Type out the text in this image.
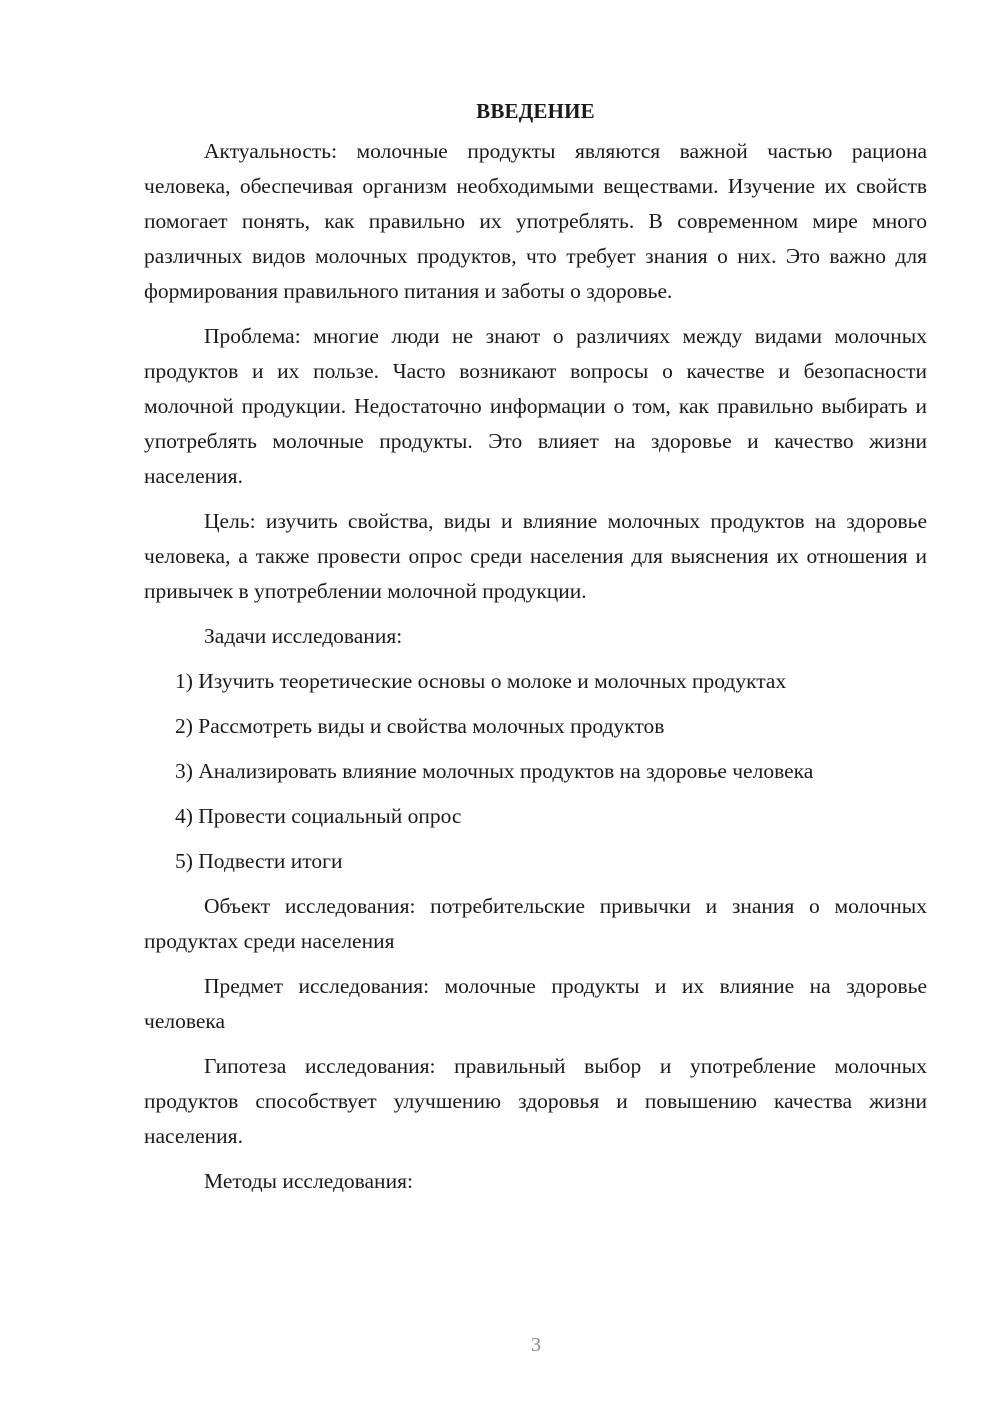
ВВЕДЕНИЕ

Актуальность: молочные продукты являются важной частью рациона человека, обеспечивая организм необходимыми веществами. Изучение их свойств помогает понять, как правильно их употреблять. В современном мире много различных видов молочных продуктов, что требует знания о них. Это важно для формирования правильного питания и заботы о здоровье.

Проблема: многие люди не знают о различиях между видами молочных продуктов и их пользе. Часто возникают вопросы о качестве и безопасности молочной продукции. Недостаточно информации о том, как правильно выбирать и употреблять молочные продукты. Это влияет на здоровье и качество жизни населения.

Цель: изучить свойства, виды и влияние молочных продуктов на здоровье человека, а также провести опрос среди населения для выяснения их отношения и привычек в употреблении молочной продукции.

Задачи исследования:

1) Изучить теоретические основы о молоке и молочных продуктах

2) Рассмотреть виды и свойства молочных продуктов

3) Анализировать влияние молочных продуктов на здоровье человека

4) Провести социальный опрос

5) Подвести итоги

Объект исследования: потребительские привычки и знания о молочных продуктах среди населения

Предмет исследования: молочные продукты и их влияние на здоровье человека

Гипотеза исследования: правильный выбор и употребление молочных продуктов способствует улучшению здоровья и повышению качества жизни населения.

Методы исследования:

3
